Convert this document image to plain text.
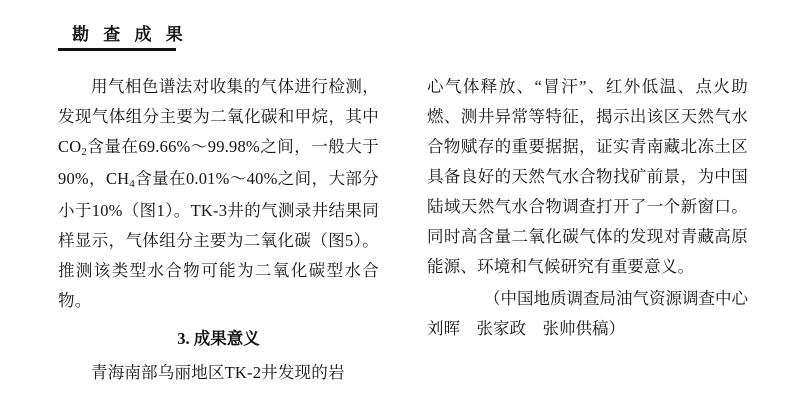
勘 查 成 果

用气相色谱法对收集的气体进行检测，发现气体组分主要为二氧化碳和甲烷，其中$CO_2$含量在69.66%～99.98%之间，一般大于90%，$CH_4$含量在0.01%～40%之间，大部分小于10%（图1）。TK-3井的气测录井结果同样显示，气体组分主要为二氧化碳（图5）。推测该类型水合物可能为二氧化碳型水合物。

3. 成果意义

青海南部乌丽地区TK-2井发现的岩

心气体释放、“冒汗”、红外低温、点火助燃、测井异常等特征，揭示出该区天然气水合物赋存的重要据据，证实青南藏北冻土区具备良好的天然气水合物找矿前景，为中国陆域天然气水合物调查打开了一个新窗口。同时高含量二氧化碳气体的发现对青藏高原能源、环境和气候研究有重要意义。

（中国地质调查局油气资源调查中心

刘晖　张家政　张帅供稿）
